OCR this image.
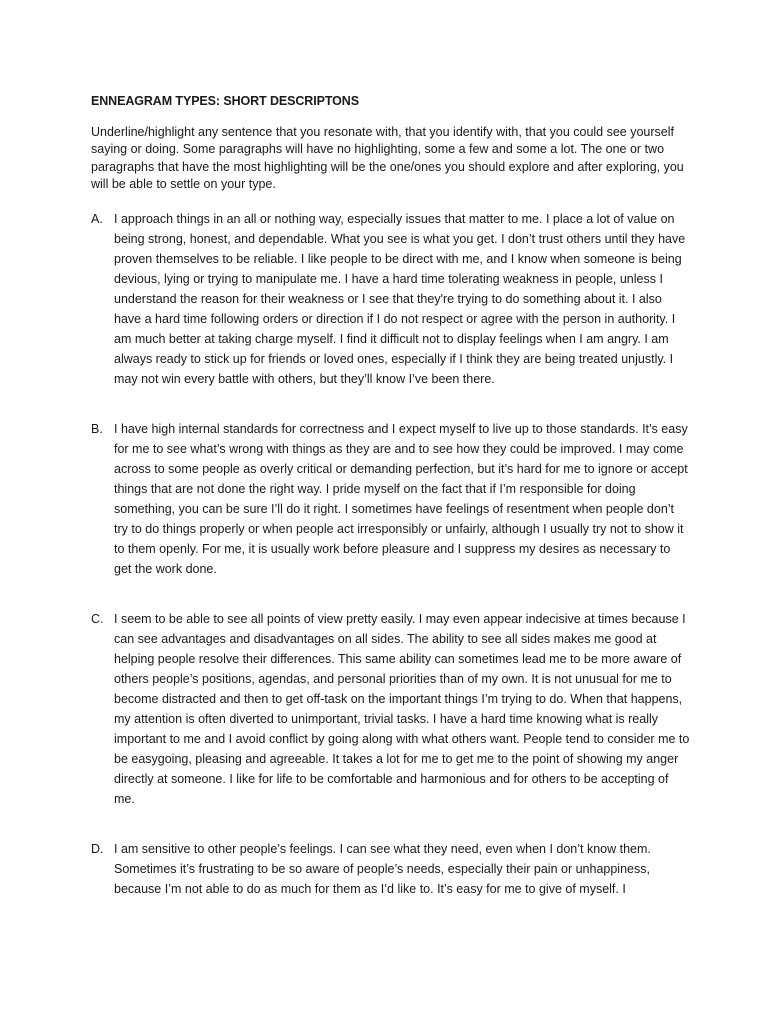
ENNEAGRAM TYPES: SHORT DESCRIPTONS

Underline/highlight any sentence that you resonate with, that you identify with, that you could see yourself saying or doing. Some paragraphs will have no highlighting, some a few and some a lot. The one or two paragraphs that have the most highlighting will be the one/ones you should explore and after exploring, you will be able to settle on your type.

A. I approach things in an all or nothing way, especially issues that matter to me. I place a lot of value on being strong, honest, and dependable. What you see is what you get. I don’t trust others until they have proven themselves to be reliable. I like people to be direct with me, and I know when someone is being devious, lying or trying to manipulate me. I have a hard time tolerating weakness in people, unless I understand the reason for their weakness or I see that they're trying to do something about it. I also have a hard time following orders or direction if I do not respect or agree with the person in authority. I am much better at taking charge myself. I find it difficult not to display feelings when I am angry. I am always ready to stick up for friends or loved ones, especially if I think they are being treated unjustly. I may not win every battle with others, but they’ll know I’ve been there.
B. I have high internal standards for correctness and I expect myself to live up to those standards. It’s easy for me to see what’s wrong with things as they are and to see how they could be improved. I may come across to some people as overly critical or demanding perfection, but it’s hard for me to ignore or accept things that are not done the right way. I pride myself on the fact that if I’m responsible for doing something, you can be sure I’ll do it right. I sometimes have feelings of resentment when people don’t try to do things properly or when people act irresponsibly or unfairly, although I usually try not to show it to them openly. For me, it is usually work before pleasure and I suppress my desires as necessary to get the work done.
C. I seem to be able to see all points of view pretty easily. I may even appear indecisive at times because I can see advantages and disadvantages on all sides. The ability to see all sides makes me good at helping people resolve their differences. This same ability can sometimes lead me to be more aware of others people’s positions, agendas, and personal priorities than of my own. It is not unusual for me to become distracted and then to get off-task on the important things I’m trying to do. When that happens, my attention is often diverted to unimportant, trivial tasks. I have a hard time knowing what is really important to me and I avoid conflict by going along with what others want. People tend to consider me to be easygoing, pleasing and agreeable. It takes a lot for me to get me to the point of showing my anger directly at someone. I like for life to be comfortable and harmonious and for others to be accepting of me.
D. I am sensitive to other people’s feelings. I can see what they need, even when I don’t know them. Sometimes it’s frustrating to be so aware of people’s needs, especially their pain or unhappiness, because I’m not able to do as much for them as I’d like to. It’s easy for me to give of myself. I
